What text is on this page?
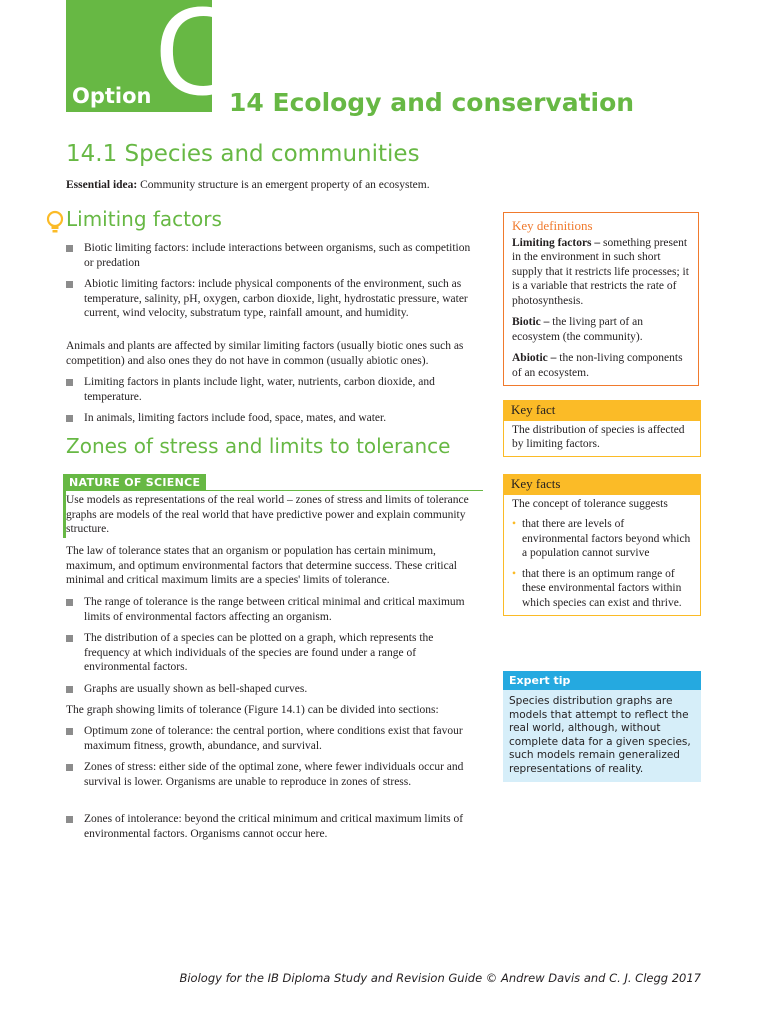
Option C
14 Ecology and conservation
14.1 Species and communities
Essential idea: Community structure is an emergent property of an ecosystem.
Limiting factors
Biotic limiting factors: include interactions between organisms, such as competition or predation
Abiotic limiting factors: include physical components of the environment, such as temperature, salinity, pH, oxygen, carbon dioxide, light, hydrostatic pressure, water current, wind velocity, substratum type, rainfall amount, and humidity.
Animals and plants are affected by similar limiting factors (usually biotic ones such as competition) and also ones they do not have in common (usually abiotic ones).
Limiting factors in plants include light, water, nutrients, carbon dioxide, and temperature.
In animals, limiting factors include food, space, mates, and water.
Zones of stress and limits to tolerance
NATURE OF SCIENCE
Use models as representations of the real world – zones of stress and limits of tolerance graphs are models of the real world that have predictive power and explain community structure.
The law of tolerance states that an organism or population has certain minimum, maximum, and optimum environmental factors that determine success. These critical minimal and critical maximum limits are a species' limits of tolerance.
The range of tolerance is the range between critical minimal and critical maximum limits of environmental factors affecting an organism.
The distribution of a species can be plotted on a graph, which represents the frequency at which individuals of the species are found under a range of environmental factors.
Graphs are usually shown as bell-shaped curves.
The graph showing limits of tolerance (Figure 14.1) can be divided into sections:
Optimum zone of tolerance: the central portion, where conditions exist that favour maximum fitness, growth, abundance, and survival.
Zones of stress: either side of the optimal zone, where fewer individuals occur and survival is lower. Organisms are unable to reproduce in zones of stress.
Zones of intolerance: beyond the critical minimum and critical maximum limits of environmental factors. Organisms cannot occur here.
Key definitions

Limiting factors – something present in the environment in such short supply that it restricts life processes; it is a variable that restricts the rate of photosynthesis.

Biotic – the living part of an ecosystem (the community).

Abiotic – the non-living components of an ecosystem.

Key fact
The distribution of species is affected by limiting factors.
Key facts
The concept of tolerance suggests
• that there are levels of environmental factors beyond which a population cannot survive
• that there is an optimum range of these environmental factors within which species can exist and thrive.
Expert tip
Species distribution graphs are models that attempt to reflect the real world, although, without complete data for a given species, such models remain generalized representations of reality.
Biology for the IB Diploma Study and Revision Guide © Andrew Davis and C. J. Clegg 2017
